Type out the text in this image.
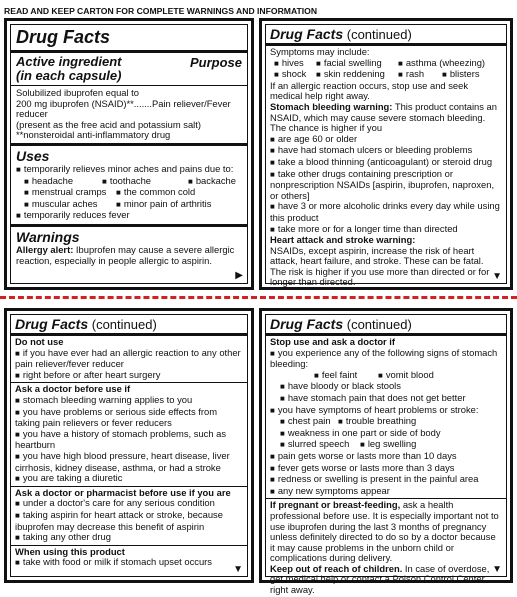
READ AND KEEP CARTON FOR COMPLETE WARNINGS AND INFORMATION
Drug Facts
Active ingredient
(in each capsule)
Purpose
Solubilized ibuprofen equal to
200 mg ibuprofen (NSAID)**.......Pain reliever/Fever reducer
(present as the free acid and potassium salt)
**nonsteroidal anti-inflammatory drug
Uses
■ temporarily relieves minor aches and pains due to:
■ headache	■ toothache	■ backache
■ menstrual cramps	■ the common cold
■ muscular aches	■ minor pain of arthritis
■ temporarily reduces fever
Warnings
Allergy alert: Ibuprofen may cause a severe allergic reaction, especially in people allergic to aspirin.
▶
Drug Facts (continued)
Symptoms may include:
■ hives	■ facial swelling	■ asthma (wheezing)
■ shock	■ skin reddening	■ rash	■ blisters
If an allergic reaction occurs, stop use and seek medical help right away.
Stomach bleeding warning: This product contains an NSAID, which may cause severe stomach bleeding. The chance is higher if you
■ are age 60 or older
■ have had stomach ulcers or bleeding problems
■ take a blood thinning (anticoagulant) or steroid drug
■ take other drugs containing prescription or nonprescription NSAIDs [aspirin, ibuprofen, naproxen, or others]
■ have 3 or more alcoholic drinks every day while using this product
■ take more or for a longer time than directed
Heart attack and stroke warning:
NSAIDs, except aspirin, increase the risk of heart attack, heart failure, and stroke. These can be fatal. The risk is higher if you use more than directed or for longer than directed.	▼
Drug Facts (continued)
Do not use
■ if you have ever had an allergic reaction to any other pain reliever/fever reducer
■ right before or after heart surgery
Ask a doctor before use if
■ stomach bleeding warning applies to you
■ you have problems or serious side effects from taking pain relievers or fever reducers
■ you have a history of stomach problems, such as heartburn
■ you have high blood pressure, heart disease, liver cirrhosis, kidney disease, asthma, or had a stroke
■ you are taking a diuretic
Ask a doctor or pharmacist before use if you are
■ under a doctor's care for any serious condition
■ taking aspirin for heart attack or stroke, because ibuprofen may decrease this benefit of aspirin
■ taking any other drug
When using this product
■ take with food or milk if stomach upset occurs
▼
Drug Facts (continued)
Stop use and ask a doctor if
■ you experience any of the following signs of stomach bleeding:
■ feel faint	■ vomit blood
■ have bloody or black stools
■ have stomach pain that does not get better
■ you have symptoms of heart problems or stroke:
■ chest pain	■ trouble breathing
■ weakness in one part or side of body
■ slurred speech	■ leg swelling
■ pain gets worse or lasts more than 10 days
■ fever gets worse or lasts more than 3 days
■ redness or swelling is present in the painful area
■ any new symptoms appear
If pregnant or breast-feeding, ask a health professional before use. It is especially important not to use ibuprofen during the last 3 months of pregnancy unless definitely directed to do so by a doctor because it may cause problems in the unborn child or complications during delivery.
Keep out of reach of children. In case of overdose, get medical help or contact a Poison Control Center right away.
▼
